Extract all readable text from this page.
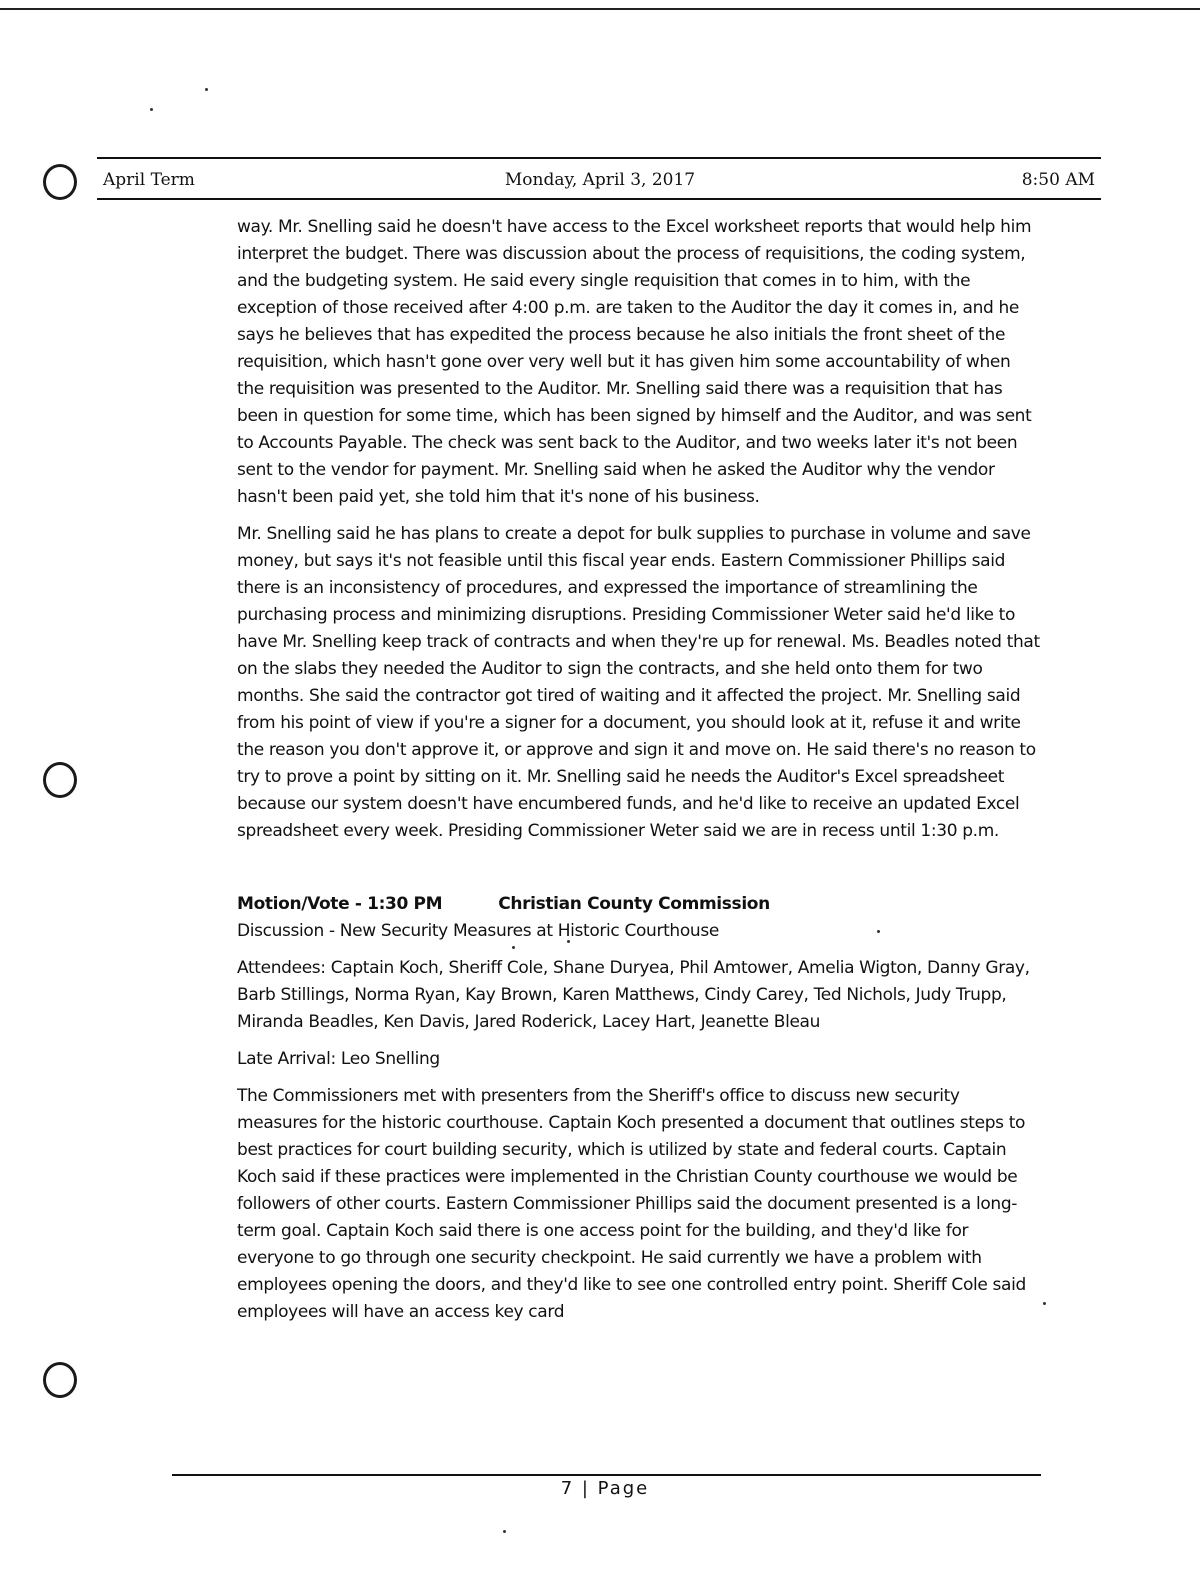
April Term	Monday, April 3, 2017	8:50 AM

way. Mr. Snelling said he doesn't have access to the Excel worksheet reports that would help him interpret the budget. There was discussion about the process of requisitions, the coding system, and the budgeting system. He said every single requisition that comes in to him, with the exception of those received after 4:00 p.m. are taken to the Auditor the day it comes in, and he says he believes that has expedited the process because he also initials the front sheet of the requisition, which hasn't gone over very well but it has given him some accountability of when the requisition was presented to the Auditor. Mr. Snelling said there was a requisition that has been in question for some time, which has been signed by himself and the Auditor, and was sent to Accounts Payable. The check was sent back to the Auditor, and two weeks later it's not been sent to the vendor for payment. Mr. Snelling said when he asked the Auditor why the vendor hasn't been paid yet, she told him that it's none of his business.

Mr. Snelling said he has plans to create a depot for bulk supplies to purchase in volume and save money, but says it's not feasible until this fiscal year ends. Eastern Commissioner Phillips said there is an inconsistency of procedures, and expressed the importance of streamlining the purchasing process and minimizing disruptions. Presiding Commissioner Weter said he'd like to have Mr. Snelling keep track of contracts and when they're up for renewal. Ms. Beadles noted that on the slabs they needed the Auditor to sign the contracts, and she held onto them for two months. She said the contractor got tired of waiting and it affected the project. Mr. Snelling said from his point of view if you're a signer for a document, you should look at it, refuse it and write the reason you don't approve it, or approve and sign it and move on. He said there's no reason to try to prove a point by sitting on it. Mr. Snelling said he needs the Auditor's Excel spreadsheet because our system doesn't have encumbered funds, and he'd like to receive an updated Excel spreadsheet every week. Presiding Commissioner Weter said we are in recess until 1:30 p.m.

Motion/Vote - 1:30 PM	Christian County Commission

Discussion - New Security Measures at Historic Courthouse

Attendees: Captain Koch, Sheriff Cole, Shane Duryea, Phil Amtower, Amelia Wigton, Danny Gray, Barb Stillings, Norma Ryan, Kay Brown, Karen Matthews, Cindy Carey, Ted Nichols, Judy Trupp, Miranda Beadles, Ken Davis, Jared Roderick, Lacey Hart, Jeanette Bleau

Late Arrival: Leo Snelling

The Commissioners met with presenters from the Sheriff's office to discuss new security measures for the historic courthouse. Captain Koch presented a document that outlines steps to best practices for court building security, which is utilized by state and federal courts. Captain Koch said if these practices were implemented in the Christian County courthouse we would be followers of other courts. Eastern Commissioner Phillips said the document presented is a long-term goal. Captain Koch said there is one access point for the building, and they'd like for everyone to go through one security checkpoint. He said currently we have a problem with employees opening the doors, and they'd like to see one controlled entry point. Sheriff Cole said employees will have an access key card

7 | Page
